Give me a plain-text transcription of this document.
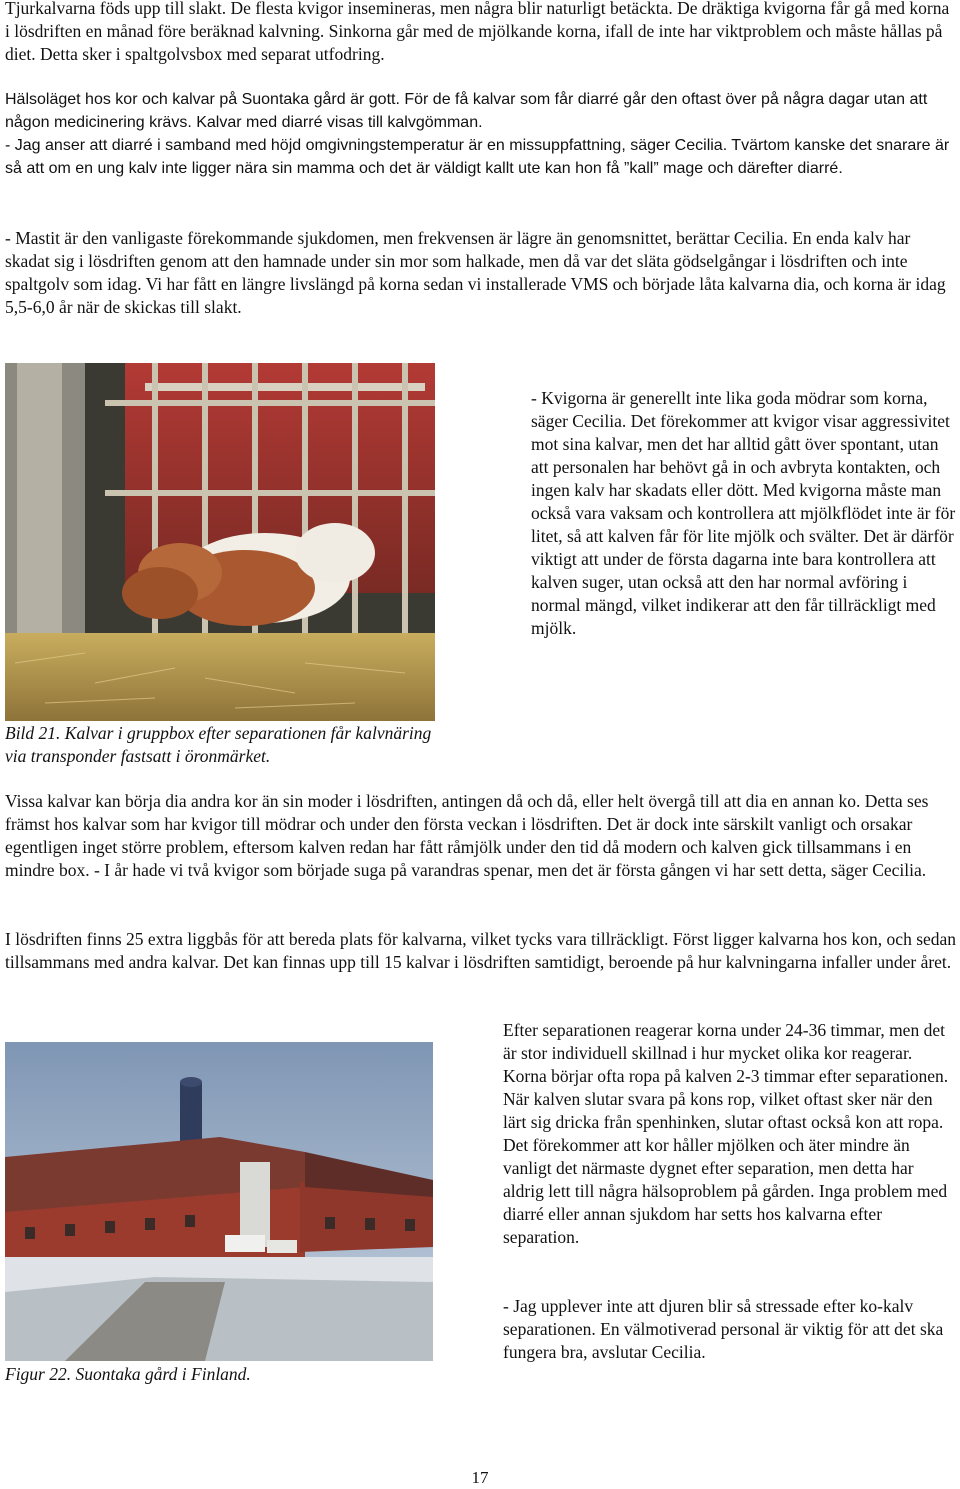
Tjurkalvarna föds upp till slakt. De flesta kvigor insemineras, men några blir naturligt betäckta. De dräktiga kvigorna får gå med korna i lösdriften en månad före beräknad kalvning. Sinkorna går med de mjölkande korna, ifall de inte har viktproblem och måste hållas på diet. Detta sker i spaltgolvsbox med separat utfodring.

Hälsoläget hos kor och kalvar på Suontaka gård är gott. För de få kalvar som får diarré går den oftast över på några dagar utan att någon medicinering krävs. Kalvar med diarré visas till kalvgömman.

- Jag anser att diarré i samband med höjd omgivningstemperatur är en missuppfattning, säger Cecilia. Tvärtom kanske det snarare är så att om en ung kalv inte ligger nära sin mamma och det är väldigt kallt ute kan hon få ”kall” mage och därefter diarré.

- Mastit är den vanligaste förekommande sjukdomen, men frekvensen är lägre än genomsnittet, berättar Cecilia. En enda kalv har skadat sig i lösdriften genom att den hamnade under sin mor som halkade, men då var det släta gödselgångar i lösdriften och inte spaltgolv som idag. Vi har fått en längre livslängd på korna sedan vi installerade VMS och började låta kalvarna dia, och korna är idag 5,5-6,0 år när de skickas till slakt.

- Kvigorna är generellt inte lika goda mödrar som korna, säger Cecilia. Det förekommer att kvigor visar aggressivitet mot sina kalvar, men det har alltid gått över spontant, utan att personalen har behövt gå in och avbryta kontakten, och ingen kalv har skadats eller dött. Med kvigorna måste man också vara vaksam och kontrollera att mjölkflödet inte är för litet, så att kalven får för lite mjölk och svälter. Det är därför viktigt att under de första dagarna inte bara kontrollera att kalven suger, utan också att den har normal avföring i normal mängd, vilket indikerar att den får tillräckligt med mjölk.

Bild 21. Kalvar i gruppbox efter separationen får kalvnäring via transponder fastsatt i öronmärket.

Vissa kalvar kan börja dia andra kor än sin moder i lösdriften, antingen då och då, eller helt övergå till att dia en annan ko. Detta ses främst hos kalvar som har kvigor till mödrar och under den första veckan i lösdriften. Det är dock inte särskilt vanligt och orsakar egentligen inget större problem, eftersom kalven redan har fått råmjölk under den tid då modern och kalven gick tillsammans i en mindre box. - I år hade vi två kvigor som började suga på varandras spenar, men det är första gången vi har sett detta, säger Cecilia.

I lösdriften finns 25 extra liggbås för att bereda plats för kalvarna, vilket tycks vara tillräckligt. Först ligger kalvarna hos kon, och sedan tillsammans med andra kalvar. Det kan finnas upp till 15 kalvar i lösdriften samtidigt, beroende på hur kalvningarna infaller under året.

Efter separationen reagerar korna under 24-36 timmar, men det är stor individuell skillnad i hur mycket olika kor reagerar. Korna börjar ofta ropa på kalven 2-3 timmar efter separationen. När kalven slutar svara på kons rop, vilket oftast sker när den lärt sig dricka från spenhinken, slutar oftast också kon att ropa. Det förekommer att kor håller mjölken och äter mindre än vanligt det närmaste dygnet efter separation, men detta har aldrig lett till några hälsoproblem på gården. Inga problem med diarré eller annan sjukdom har setts hos kalvarna efter separation.

- Jag upplever inte att djuren blir så stressade efter ko-kalv separationen. En välmotiverad personal är viktig för att det ska fungera bra, avslutar Cecilia.

Figur 22. Suontaka gård i Finland.

17
